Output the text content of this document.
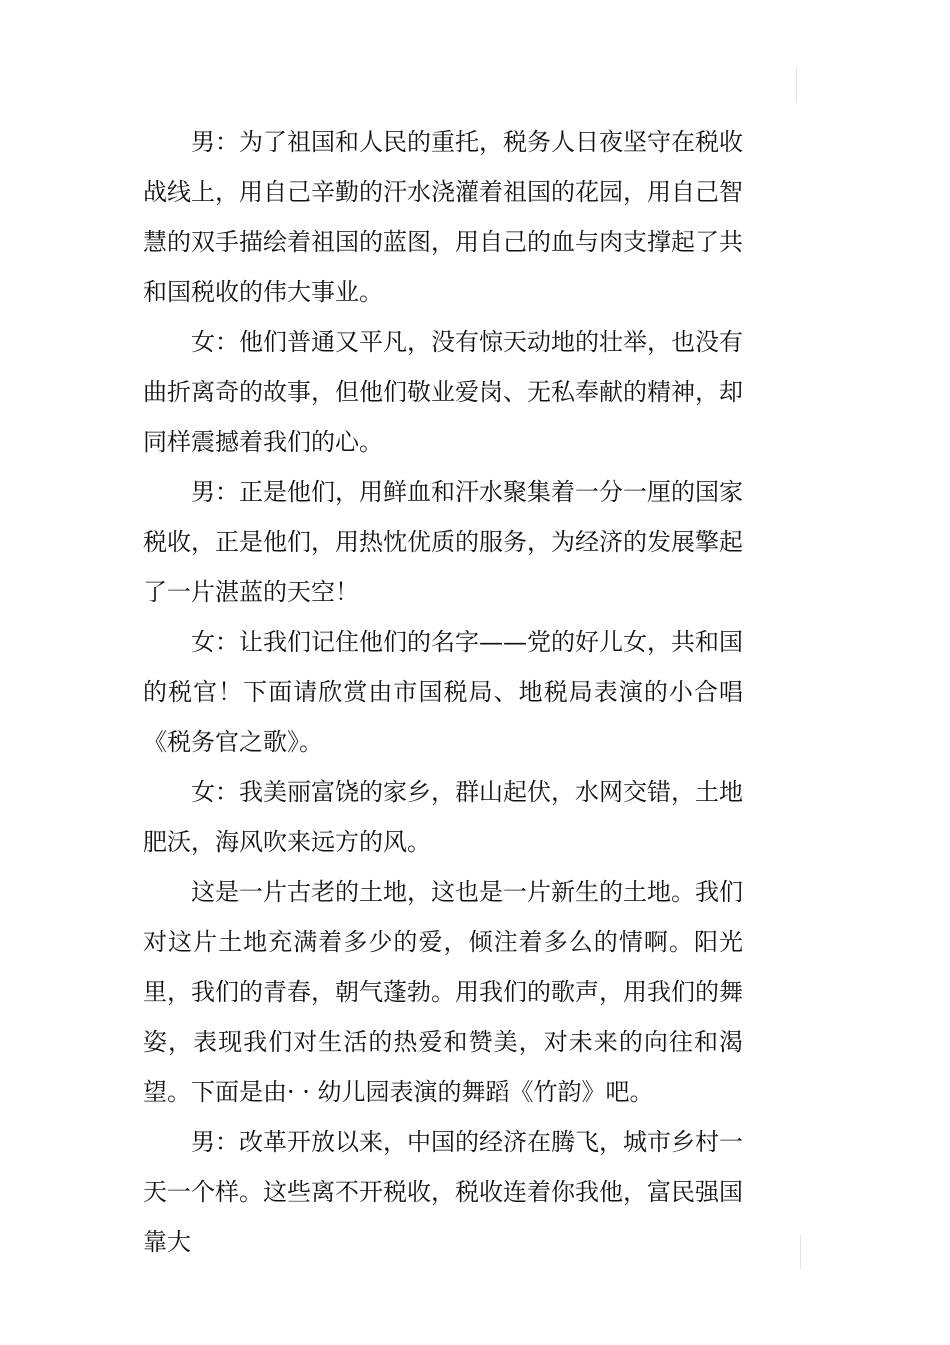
男：为了祖国和人民的重托，税务人日夜坚守在税收战线上，用自己辛勤的汗水浇灌着祖国的花园，用自己智慧的双手描绘着祖国的蓝图，用自己的血与肉支撑起了共和国税收的伟大事业。

女：他们普通又平凡，没有惊天动地的壮举，也没有曲折离奇的故事，但他们敬业爱岗、无私奉献的精神，却同样震撼着我们的心。

男：正是他们，用鲜血和汗水聚集着一分一厘的国家税收，正是他们，用热忱优质的服务，为经济的发展擎起了一片湛蓝的天空！

女：让我们记住他们的名字——党的好儿女，共和国的税官！下面请欣赏由市国税局、地税局表演的小合唱《税务官之歌》。

女：我美丽富饶的家乡，群山起伏，水网交错，土地肥沃，海风吹来远方的风。

这是一片古老的土地，这也是一片新生的土地。我们对这片土地充满着多少的爱，倾注着多么的情啊。阳光里，我们的青春，朝气蓬勃。用我们的歌声，用我们的舞姿，表现我们对生活的热爱和赞美，对未来的向往和渴望。下面是由· · 幼儿园表演的舞蹈《竹韵》吧。

男：改革开放以来，中国的经济在腾飞，城市乡村一天一个样。这些离不开税收，税收连着你我他，富民强国靠大
